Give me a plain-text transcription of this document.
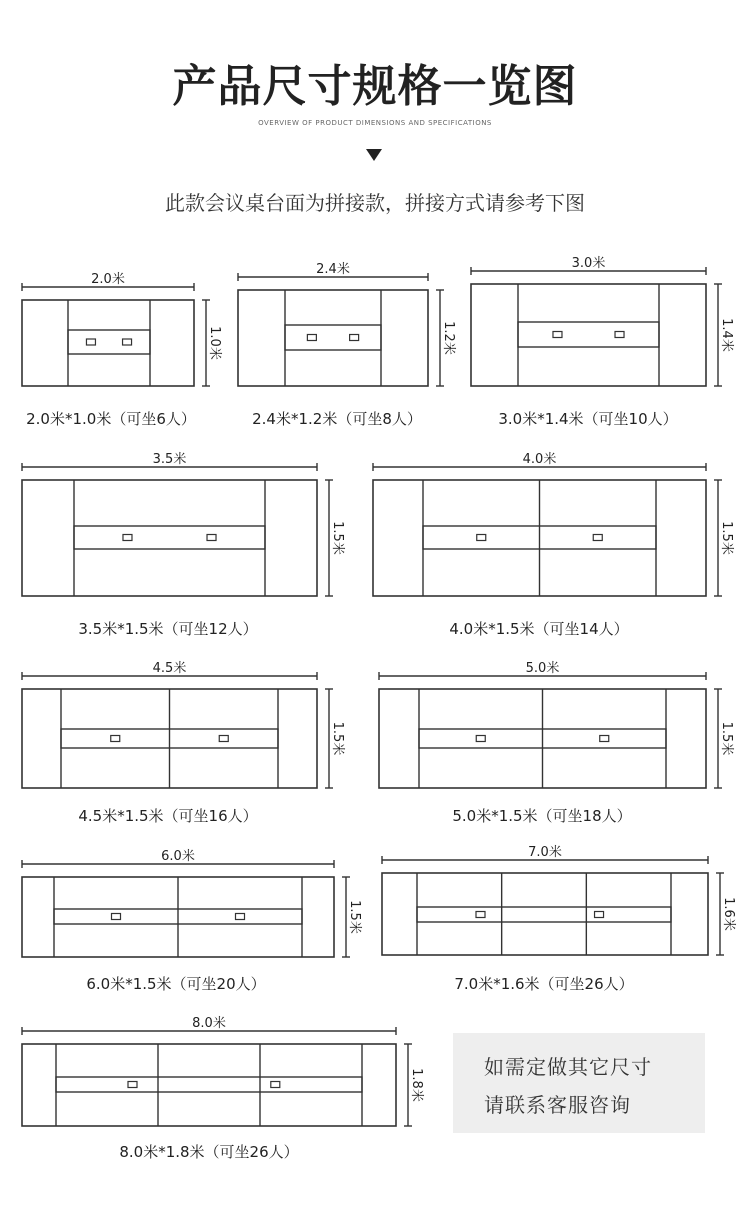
产品尺寸规格一览图
OVERVIEW OF PRODUCT DIMENSIONS AND SPECIFICATIONS
此款会议桌台面为拼接款，拼接方式请参考下图
2.0米
1.0米
2.0米*1.0米（可坐6人）
2.4米
1.2米
2.4米*1.2米（可坐8人）
3.0米
1.4米
3.0米*1.4米（可坐10人）
3.5米
1.5米
3.5米*1.5米（可坐12人）
4.0米
1.5米
4.0米*1.5米（可坐14人）
4.5米
1.5米
4.5米*1.5米（可坐16人）
5.0米
1.5米
5.0米*1.5米（可坐18人）
6.0米
1.5米
6.0米*1.5米（可坐20人）
7.0米
1.6米
7.0米*1.6米（可坐26人）
8.0米
1.8米
8.0米*1.8米（可坐26人）
如需定做其它尺寸
请联系客服咨询
